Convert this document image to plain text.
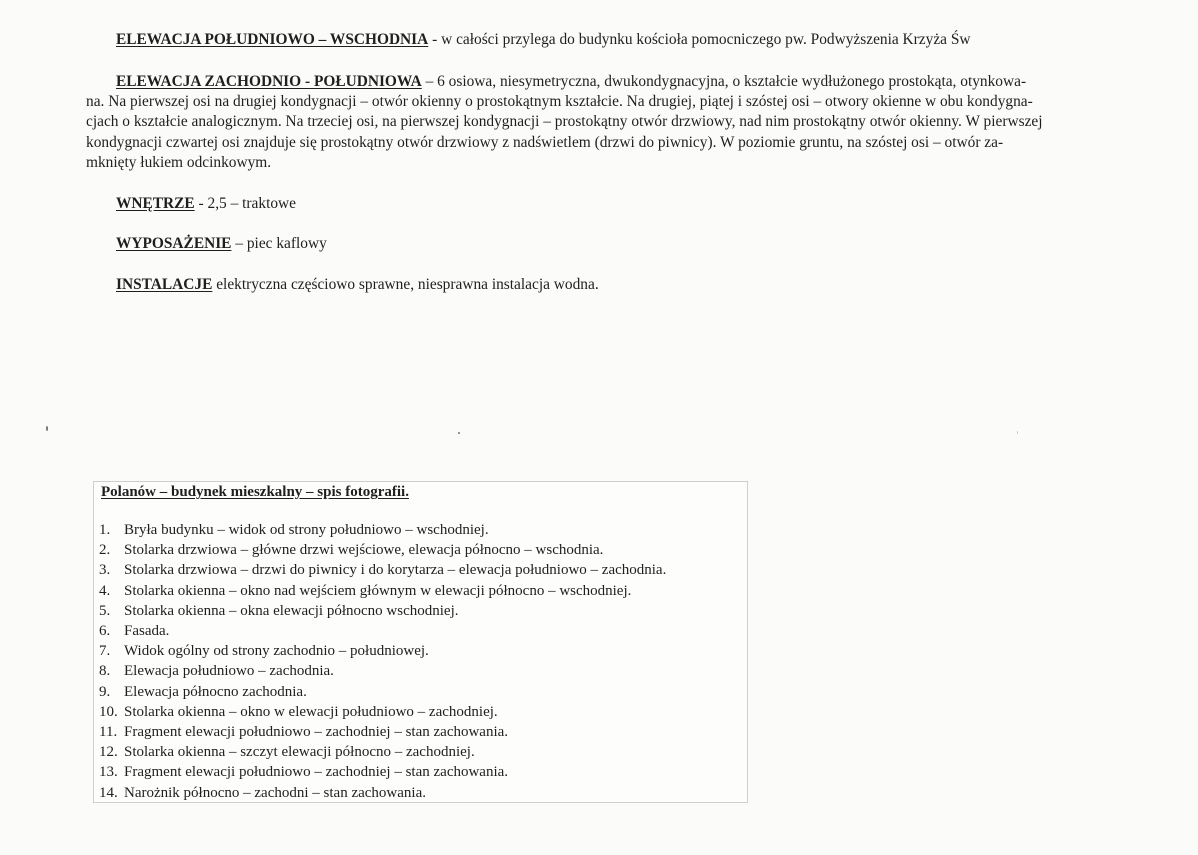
ELEWACJA POŁUDNIOWO – WSCHODNIA - w całości przylega do budynku kościoła pomocniczego pw. Podwyższenia Krzyża Św
ELEWACJA ZACHODNIO - POŁUDNIOWA – 6 osiowa, niesymetryczna, dwukondygnacyjna, o kształcie wydłużonego prostokąta, otynkowa-
na. Na pierwszej osi na drugiej kondygnacji – otwór okienny o prostokątnym kształcie. Na drugiej, piątej i szóstej osi – otwory okienne w obu kondygna-
cjach o kształcie analogicznym. Na trzeciej osi, na pierwszej kondygnacji – prostokątny otwór drzwiowy, nad nim prostokątny otwór okienny. W pierwszej
kondygnacji czwartej osi znajduje się prostokątny otwór drzwiowy z nadświetlem (drzwi do piwnicy). W poziomie gruntu, na szóstej osi – otwór za-
mknięty łukiem odcinkowym.
WNĘTRZE - 2,5 – traktowe
WYPOSAŻENIE – piec kaflowy
INSTALACJE elektryczna częściowo sprawne, niesprawna instalacja wodna.
Polanów – budynek mieszkalny – spis fotografii.
1. Bryła budynku – widok od strony południowo – wschodniej.
2. Stolarka drzwiowa – główne drzwi wejściowe, elewacja północno – wschodnia.
3. Stolarka drzwiowa – drzwi do piwnicy i do korytarza – elewacja południowo – zachodnia.
4. Stolarka okienna – okno nad wejściem głównym w elewacji północno – wschodniej.
5. Stolarka okienna – okna elewacji północno wschodniej.
6. Fasada.
7. Widok ogólny od strony zachodnio – południowej.
8. Elewacja południowo – zachodnia.
9. Elewacja północno zachodnia.
10. Stolarka okienna – okno w elewacji południowo – zachodniej.
11. Fragment elewacji południowo – zachodniej – stan zachowania.
12. Stolarka okienna – szczyt elewacji północno – zachodniej.
13. Fragment elewacji południowo – zachodniej – stan zachowania.
14. Narożnik północno – zachodni – stan zachowania.
